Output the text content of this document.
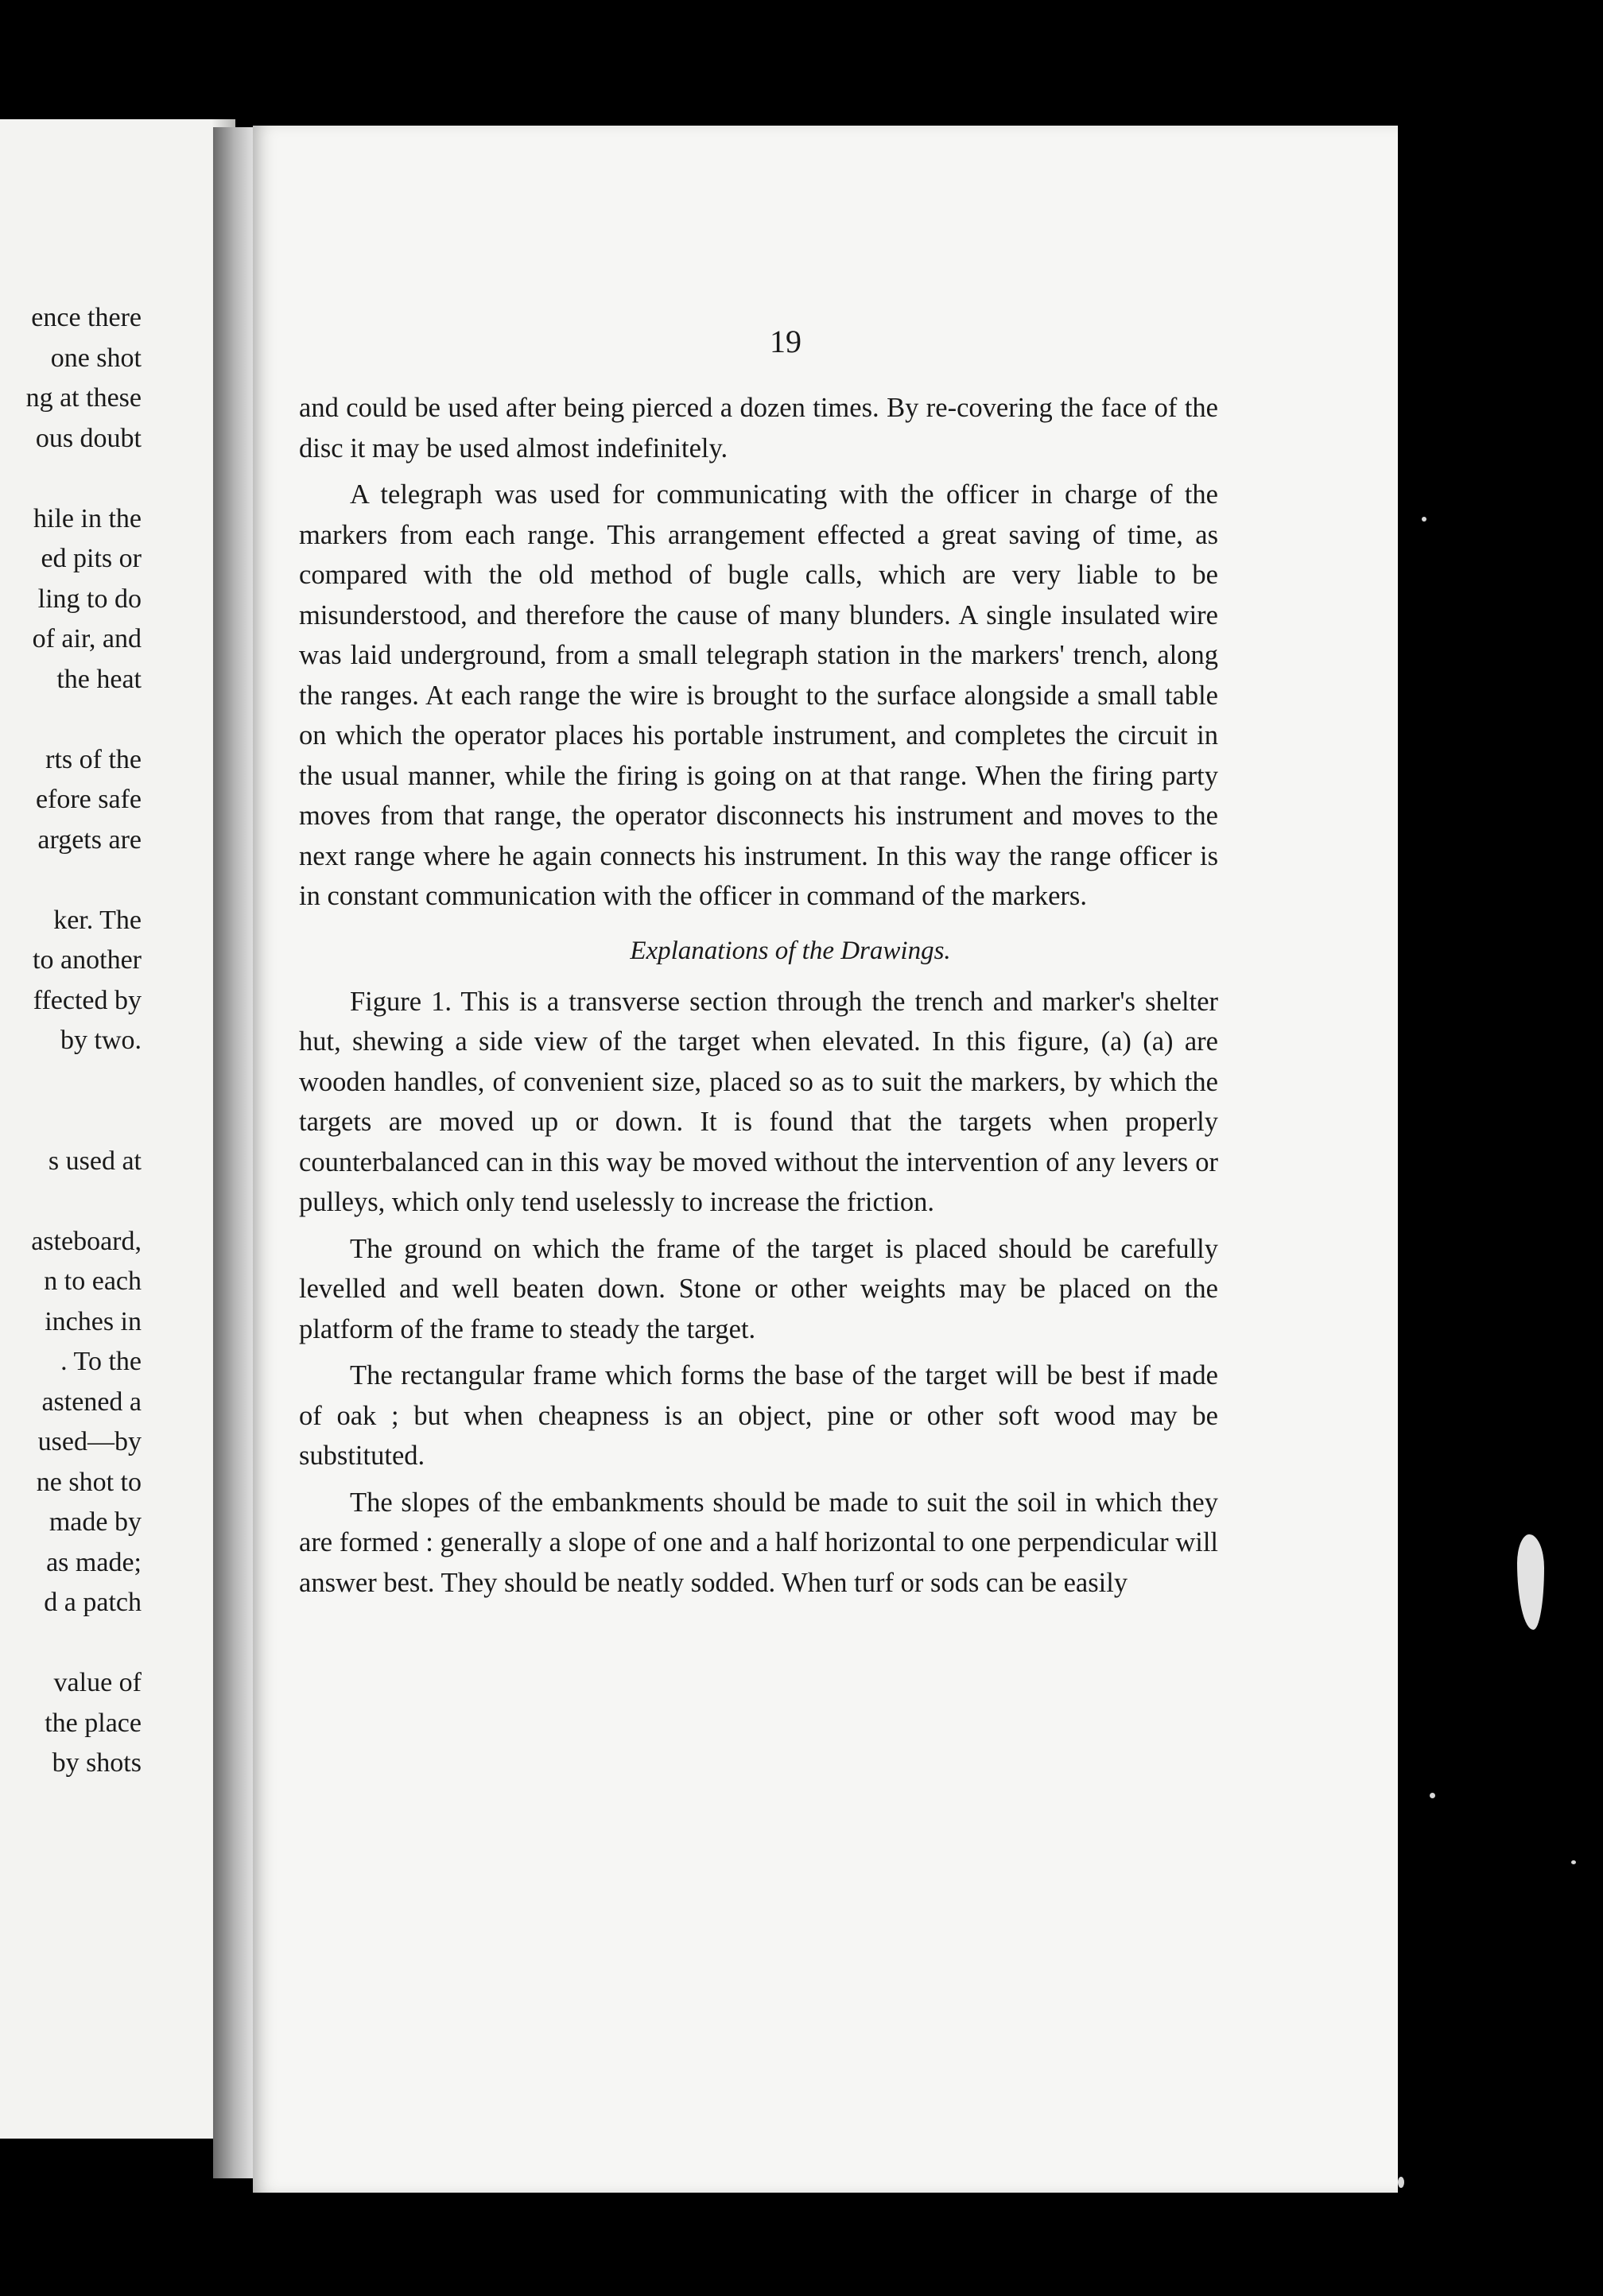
ence there
one shot
ng at these
ous doubt
hile in the
ed pits or
ling to do
of air, and
the heat
rts of the
efore safe
argets are
ker. The
to another
ffected by
by two.
s used at
asteboard,
n to each
inches in
. To the
astened a
used—by
ne shot to
made by
as made;
d a patch
value of
the place
by shots
19

and could be used after being pierced a dozen times. By re-covering the face of the disc it may be used almost indefinitely.

A telegraph was used for communicating with the officer in charge of the markers from each range. This arrangement effected a great saving of time, as compared with the old method of bugle calls, which are very liable to be misunderstood, and therefore the cause of many blunders. A single insulated wire was laid underground, from a small telegraph station in the markers' trench, along the ranges. At each range the wire is brought to the surface alongside a small table on which the operator places his portable instrument, and completes the circuit in the usual manner, while the firing is going on at that range. When the firing party moves from that range, the operator disconnects his instrument and moves to the next range where he again connects his instrument. In this way the range officer is in constant communication with the officer in command of the markers.

Explanations of the Drawings.

Figure 1. This is a transverse section through the trench and marker's shelter hut, shewing a side view of the target when elevated. In this figure, (a) (a) are wooden handles, of convenient size, placed so as to suit the markers, by which the targets are moved up or down. It is found that the targets when properly counterbalanced can in this way be moved without the intervention of any levers or pulleys, which only tend uselessly to increase the friction.

The ground on which the frame of the target is placed should be carefully levelled and well beaten down. Stone or other weights may be placed on the platform of the frame to steady the target.

The rectangular frame which forms the base of the target will be best if made of oak ; but when cheapness is an object, pine or other soft wood may be substituted.

The slopes of the embankments should be made to suit the soil in which they are formed : generally a slope of one and a half horizontal to one perpendicular will answer best. They should be neatly sodded. When turf or sods can be easily
